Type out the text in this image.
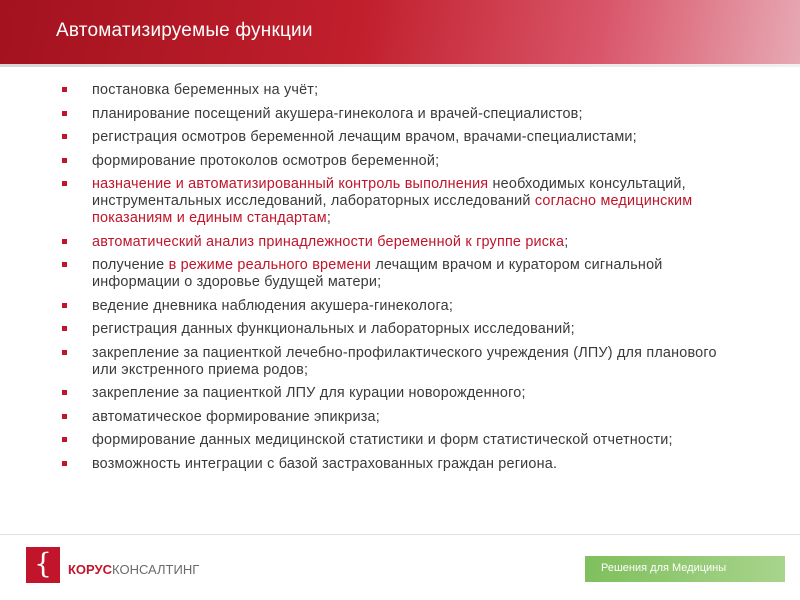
Автоматизируемые функции
постановка беременных на учёт;
планирование посещений акушера-гинеколога и врачей-специалистов;
регистрация осмотров беременной лечащим врачом, врачами-специалистами;
формирование протоколов осмотров беременной;
назначение и автоматизированный контроль выполнения необходимых консультаций, инструментальных исследований, лабораторных исследований согласно медицинским показаниям и единым стандартам;
автоматический анализ принадлежности беременной к группе риска;
получение в режиме реального времени лечащим врачом и куратором сигнальной информации о здоровье будущей матери;
ведение дневника наблюдения акушера-гинеколога;
регистрация данных функциональных и лабораторных исследований;
закрепление за пациенткой лечебно-профилактического учреждения (ЛПУ) для планового или экстренного приема родов;
закрепление за пациенткой ЛПУ для курации новорожденного;
автоматическое формирование эпикриза;
формирование данных медицинской статистики и форм статистической отчетности;
возможность интеграции с базой застрахованных граждан региона.
{	КОРУСКОНСАЛТИНГ	Решения для Медицины
